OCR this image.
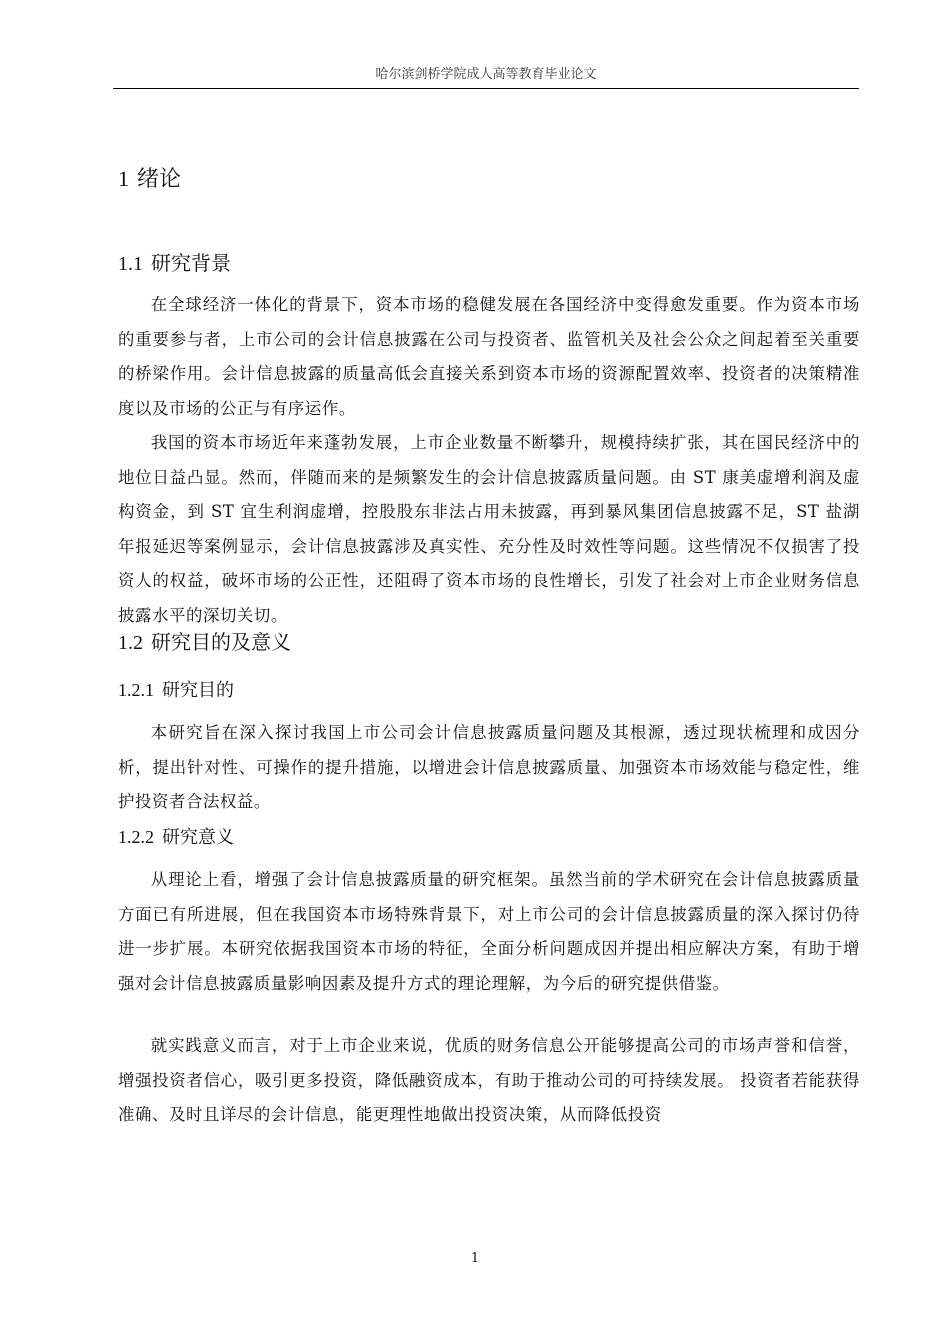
哈尔滨剑桥学院成人高等教育毕业论文
1 绪论
1.1 研究背景

在全球经济一体化的背景下，资本市场的稳健发展在各国经济中变得愈发重要。作为资本市场的重要参与者，上市公司的会计信息披露在公司与投资者、监管机关及社会公众之间起着至关重要的桥梁作用。会计信息披露的质量高低会直接关系到资本市场的资源配置效率、投资者的决策精准度以及市场的公正与有序运作。

我国的资本市场近年来蓬勃发展，上市企业数量不断攀升，规模持续扩张，其在国民经济中的地位日益凸显。然而，伴随而来的是频繁发生的会计信息披露质量问题。由 ST 康美虚增利润及虚构资金，到 ST 宜生利润虚增，控股股东非法占用未披露，再到暴风集团信息披露不足，ST 盐湖年报延迟等案例显示，会计信息披露涉及真实性、充分性及时效性等问题。这些情况不仅损害了投资人的权益，破坏市场的公正性，还阻碍了资本市场的良性增长，引发了社会对上市企业财务信息披露水平的深切关切。

1.2 研究目的及意义
1.2.1 研究目的

本研究旨在深入探讨我国上市公司会计信息披露质量问题及其根源，透过现状梳理和成因分析，提出针对性、可操作的提升措施，以增进会计信息披露质量、加强资本市场效能与稳定性，维护投资者合法权益。

1.2.2 研究意义

从理论上看，增强了会计信息披露质量的研究框架。虽然当前的学术研究在会计信息披露质量方面已有所进展，但在我国资本市场特殊背景下，对上市公司的会计信息披露质量的深入探讨仍待进一步扩展。本研究依据我国资本市场的特征，全面分析问题成因并提出相应解决方案，有助于增强对会计信息披露质量影响因素及提升方式的理论理解，为今后的研究提供借鉴。

就实践意义而言，对于上市企业来说，优质的财务信息公开能够提高公司的市场声誉和信誉，增强投资者信心，吸引更多投资，降低融资成本，有助于推动公司的可持续发展。 投资者若能获得准确、及时且详尽的会计信息，能更理性地做出投资决策，从而降低投资

1
